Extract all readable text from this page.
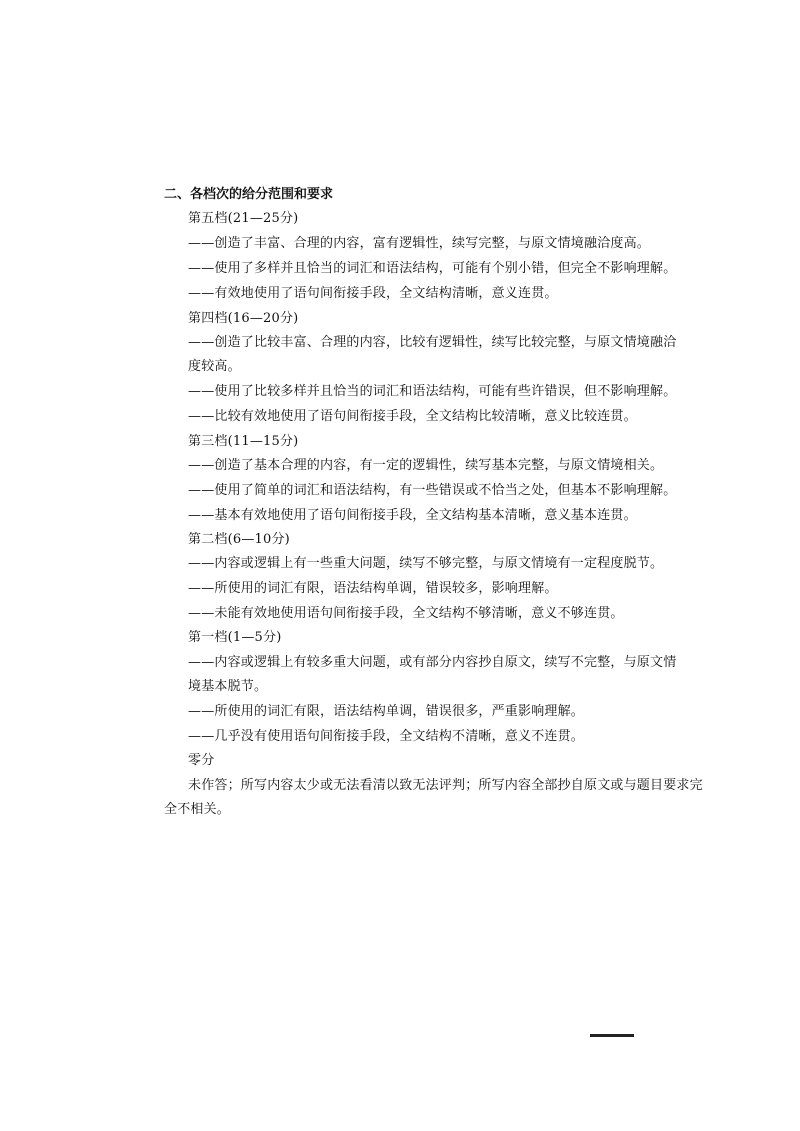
二、各档次的给分范围和要求
第五档(21—25分)
——创造了丰富、合理的内容，富有逻辑性，续写完整，与原文情境融洽度高。
——使用了多样并且恰当的词汇和语法结构，可能有个别小错，但完全不影响理解。
——有效地使用了语句间衔接手段，全文结构清晰，意义连贯。
第四档(16—20分)
——创造了比较丰富、合理的内容，比较有逻辑性，续写比较完整，与原文情境融洽
度较高。
——使用了比较多样并且恰当的词汇和语法结构，可能有些许错误，但不影响理解。
——比较有效地使用了语句间衔接手段，全文结构比较清晰，意义比较连贯。
第三档(11—15分)
——创造了基本合理的内容，有一定的逻辑性，续写基本完整，与原文情境相关。
——使用了简单的词汇和语法结构，有一些错误或不恰当之处，但基本不影响理解。
——基本有效地使用了语句间衔接手段，全文结构基本清晰，意义基本连贯。
第二档(6—10分)
——内容或逻辑上有一些重大问题，续写不够完整，与原文情境有一定程度脱节。
——所使用的词汇有限，语法结构单调，错误较多，影响理解。
——未能有效地使用语句间衔接手段，全文结构不够清晰，意义不够连贯。
第一档(1—5分)
——内容或逻辑上有较多重大问题，或有部分内容抄自原文，续写不完整，与原文情
境基本脱节。
——所使用的词汇有限，语法结构单调，错误很多，严重影响理解。
——几乎没有使用语句间衔接手段，全文结构不清晰，意义不连贯。
零分
未作答；所写内容太少或无法看清以致无法评判；所写内容全部抄自原文或与题目要求完
全不相关。
